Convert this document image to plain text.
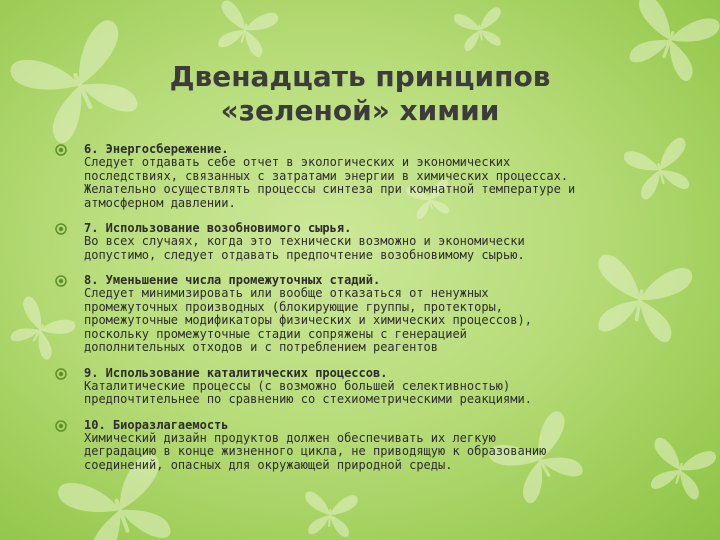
Двенадцать принципов
«зеленой» химии
6. Энергосбережение.
Следует отдавать себе отчет в экологических и экономических
последствиях, связанных с затратами энергии в химических процессах.
Желательно осуществлять процессы синтеза при комнатной температуре и
атмосферном давлении.
7. Использование возобновимого сырья.
Во всех случаях, когда это технически возможно и экономически
допустимо, следует отдавать предпочтение возобновимому сырью.
8. Уменьшение числа промежуточных стадий.
Следует минимизировать или вообще отказаться от ненужных
промежуточных производных (блокирующие группы, протекторы,
промежуточные модификаторы физических и химических процессов),
поскольку промежуточные стадии сопряжены с генерацией
дополнительных отходов и с потреблением реагентов
9. Использование каталитических процессов.
Каталитические процессы (с возможно большей селективностью)
предпочтительнее по сравнению со стехиометрическими реакциями.
10. Биоразлагаемость
Химический дизайн продуктов должен обеспечивать их легкую
деградацию в конце жизненного цикла, не приводящую к образованию
соединений, опасных для окружающей природной среды.
